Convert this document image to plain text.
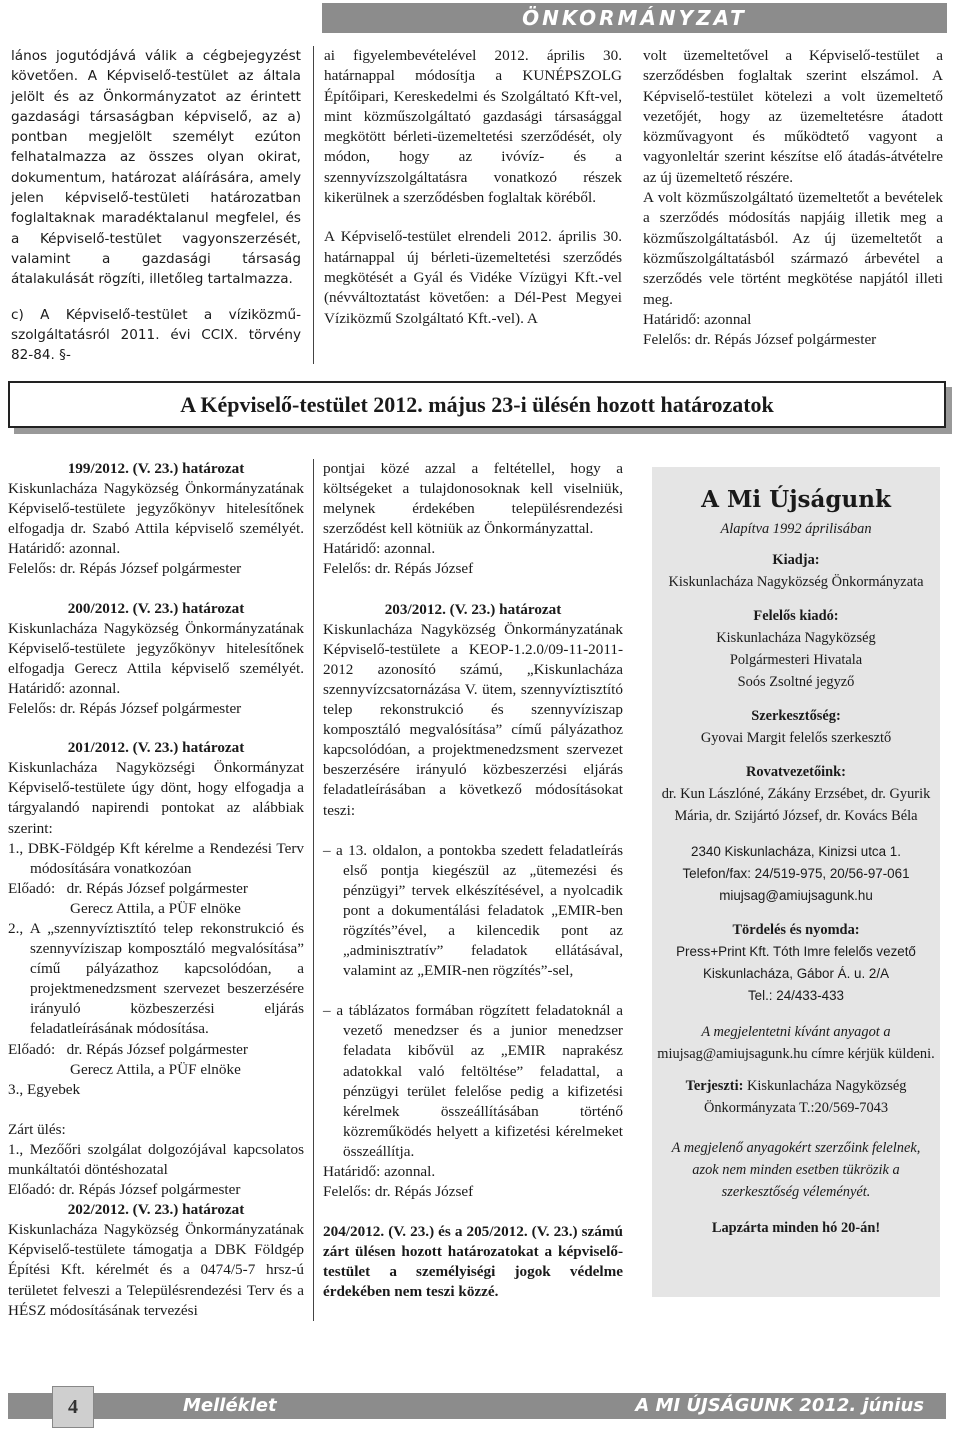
ÖNKORMÁNYZAT

lános jogutódjává válik a cégbejegyzést követően. A Képviselő-testület az általa jelölt és az Önkormányzatot az érintett gazdasági társaságban képviselő, az a) pontban megjelölt személyt ezúton felhatalmazza az összes olyan okirat, dokumentum, határozat aláírására, amely jelen képviselő-testületi határozatban foglaltaknak maradéktalanul megfelel, és a Képviselő-testület vagyonszerzését, valamint a gazdasági társaság átalakulását rögzíti, illetőleg tartalmazza.

c) A Képviselő-testület a víziközmű-szolgáltatásról 2011. évi CCIX. törvény 82-84. §-

ai figyelembevételével 2012. április 30. határnappal módosítja a KUNÉPSZOLG Építőipari, Kereskedelmi és Szolgáltató Kft-vel, mint közműszolgáltató gazdasági társasággal megkötött bérleti-üzemeltetési szerződését, oly módon, hogy az ivóvíz- és a szennyvízszolgáltatásra vonatkozó részek kikerülnek a szerződésben foglaltak köréből.

A Képviselő-testület elrendeli 2012. április 30. határnappal új bérleti-üzemeltetési szerződés megkötését a Gyál és Vidéke Vízügyi Kft.-vel (névváltoztatást követően: a Dél-Pest Megyei Víziközmű Szolgáltató Kft.-vel). A

volt üzemeltetővel a Képviselő-testület a szerződésben foglaltak szerint elszámol. A Képviselő-testület kötelezi a volt üzemeltető vezetőjét, hogy az üzemeltetésre átadott közművagyont és működtető vagyont a vagyonleltár szerint készítse elő átadás-átvételre az új üzemeltető részére.

A volt közműszolgáltató üzemeltetőt a bevételek a szerződés módosítás napjáig illetik meg a közműszolgáltatásból. Az új üzemeltetőt a közműszolgáltatásból származó árbevétel a szerződés vele történt megkötése napjától illeti meg.

Határidő: azonnal

Felelős: dr. Répás József polgármester

A Képviselő-testület 2012. május 23-i ülésén hozott határozatok

199/2012. (V. 23.) határozat

Kiskunlacháza Nagyközség Önkormányzatának Képviselő-testülete jegyzőkönyv hitelesítőnek elfogadja dr. Szabó Attila képviselő személyét. Határidő: azonnal.

Felelős: dr. Répás József polgármester

200/2012. (V. 23.) határozat

Kiskunlacháza Nagyközség Önkormányzatának Képviselő-testülete jegyzőkönyv hitelesítőnek elfogadja Gerecz Attila képviselő személyét. Határidő: azonnal.

Felelős: dr. Répás József polgármester

201/2012. (V. 23.) határozat

Kiskunlacháza Nagyközségi Önkormányzat Képviselő-testülete úgy dönt, hogy elfogadja a tárgyalandó napirendi pontokat az alábbiak szerint:

1., DBK-Földgép Kft kérelme a Rendezési Terv módosítására vonatkozóan

Előadó:   dr. Répás József polgármester

Gerecz Attila, a PÜF elnöke

2., A „szennyvíztisztító telep rekonstrukció és szennyvíziszap komposztáló megvalósítása” című pályázathoz kapcsolódóan, a projektmenedzsment szervezet beszerzésére irányuló közbeszerzési eljárás feladatleírásának módosítása.

Előadó:   dr. Répás József polgármester

Gerecz Attila, a PÜF elnöke

3., Egyebek

Zárt ülés:

1., Mezőőri szolgálat dolgozójával kapcsolatos munkáltatói döntéshozatal

Előadó: dr. Répás József polgármester

202/2012. (V. 23.) határozat

Kiskunlacháza Nagyközség Önkormányzatának Képviselő-testülete támogatja a DBK Földgép Építési Kft. kérelmét és a 0474/5-7 hrsz-ú területet felveszi a Településrendezési Terv és a HÉSZ módosításának tervezési

pontjai közé azzal a feltétellel, hogy a költségeket a tulajdonosoknak kell viselniük, melynek érdekében településrendezési szerződést kell kötniük az Önkormányzattal.

Határidő: azonnal.

Felelős: dr. Répás József

203/2012. (V. 23.) határozat

Kiskunlacháza Nagyközség Önkormányzatának Képviselő-testülete a KEOP-1.2.0/09-11-2011-2012 azonosító számú, „Kiskunlacháza szennyvízcsatornázása V. ütem, szennyvíztisztító telep rekonstrukció és szennyvíziszap komposztáló megvalósítása” című pályázathoz kapcsolódóan, a projektmenedzsment szervezet beszerzésére irányuló közbeszerzési eljárás feladatleírásában a következő módosításokat teszi:

– a 13. oldalon, a pontokba szedett feladatleírás első pontja kiegészül az „ütemezési és pénzügyi” tervek elkészítésével, a nyolcadik pont a dokumentálási feladatok „EMIR-ben rögzítés”ével, a kilencedik pont az „adminisztratív” feladatok ellátásával, valamint az „EMIR-nen rögzítés”-sel,

– a táblázatos formában rögzített feladatoknál a vezető menedzser és a junior menedzser feladata kibővül az „EMIR naprakész adatokkal való feltöltése” feladattal, a pénzügyi terület felelőse pedig a kifizetési kérelmek összeállításában történő közreműködés helyett a kifizetési kérelmeket összeállítja.

Határidő: azonnal.

Felelős: dr. Répás József

204/2012. (V. 23.) és a 205/2012. (V. 23.) számú zárt ülésen hozott határozatokat a képviselő-testület a személyiségi jogok védelme érdekében nem teszi közzé.

A Mi Újságunk
Alapítva 1992 áprilisában
Kiadja:
Kiskunlacháza Nagyközség Önkormányzata
Felelős kiadó:
Kiskunlacháza Nagyközség
Polgármesteri Hivatala
Soós Zsoltné jegyző
Szerkesztőség:
Gyovai Margit felelős szerkesztő
Rovatvezetőink:
dr. Kun Lászlóné, Zákány Erzsébet, dr. Gyurik
Mária, dr. Szijártó József, dr. Kovács Béla
2340 Kiskunlacháza, Kinizsi utca 1.
Telefon/fax: 24/519-975, 20/56-97-061
miujsag@amiujsagunk.hu
Tördelés és nyomda:
Press+Print Kft. Tóth Imre felelős vezető
Kiskunlacháza, Gábor Á. u. 2/A
Tel.: 24/433-433
A megjelentetni kívánt anyagot a
miujsag@amiujsagunk.hu címre kérjük küldeni.
Terjeszti: Kiskunlacháza Nagyközség
Önkormányzata T.:20/569-7043
A megjelenő anyagokért szerzőink felelnek,
azok nem minden esetben tükrözik a
szerkesztőség véleményét.
Lapzárta minden hó 20-án!
Melléklet	A MI ÚJSÁGUNK 2012. június
4
